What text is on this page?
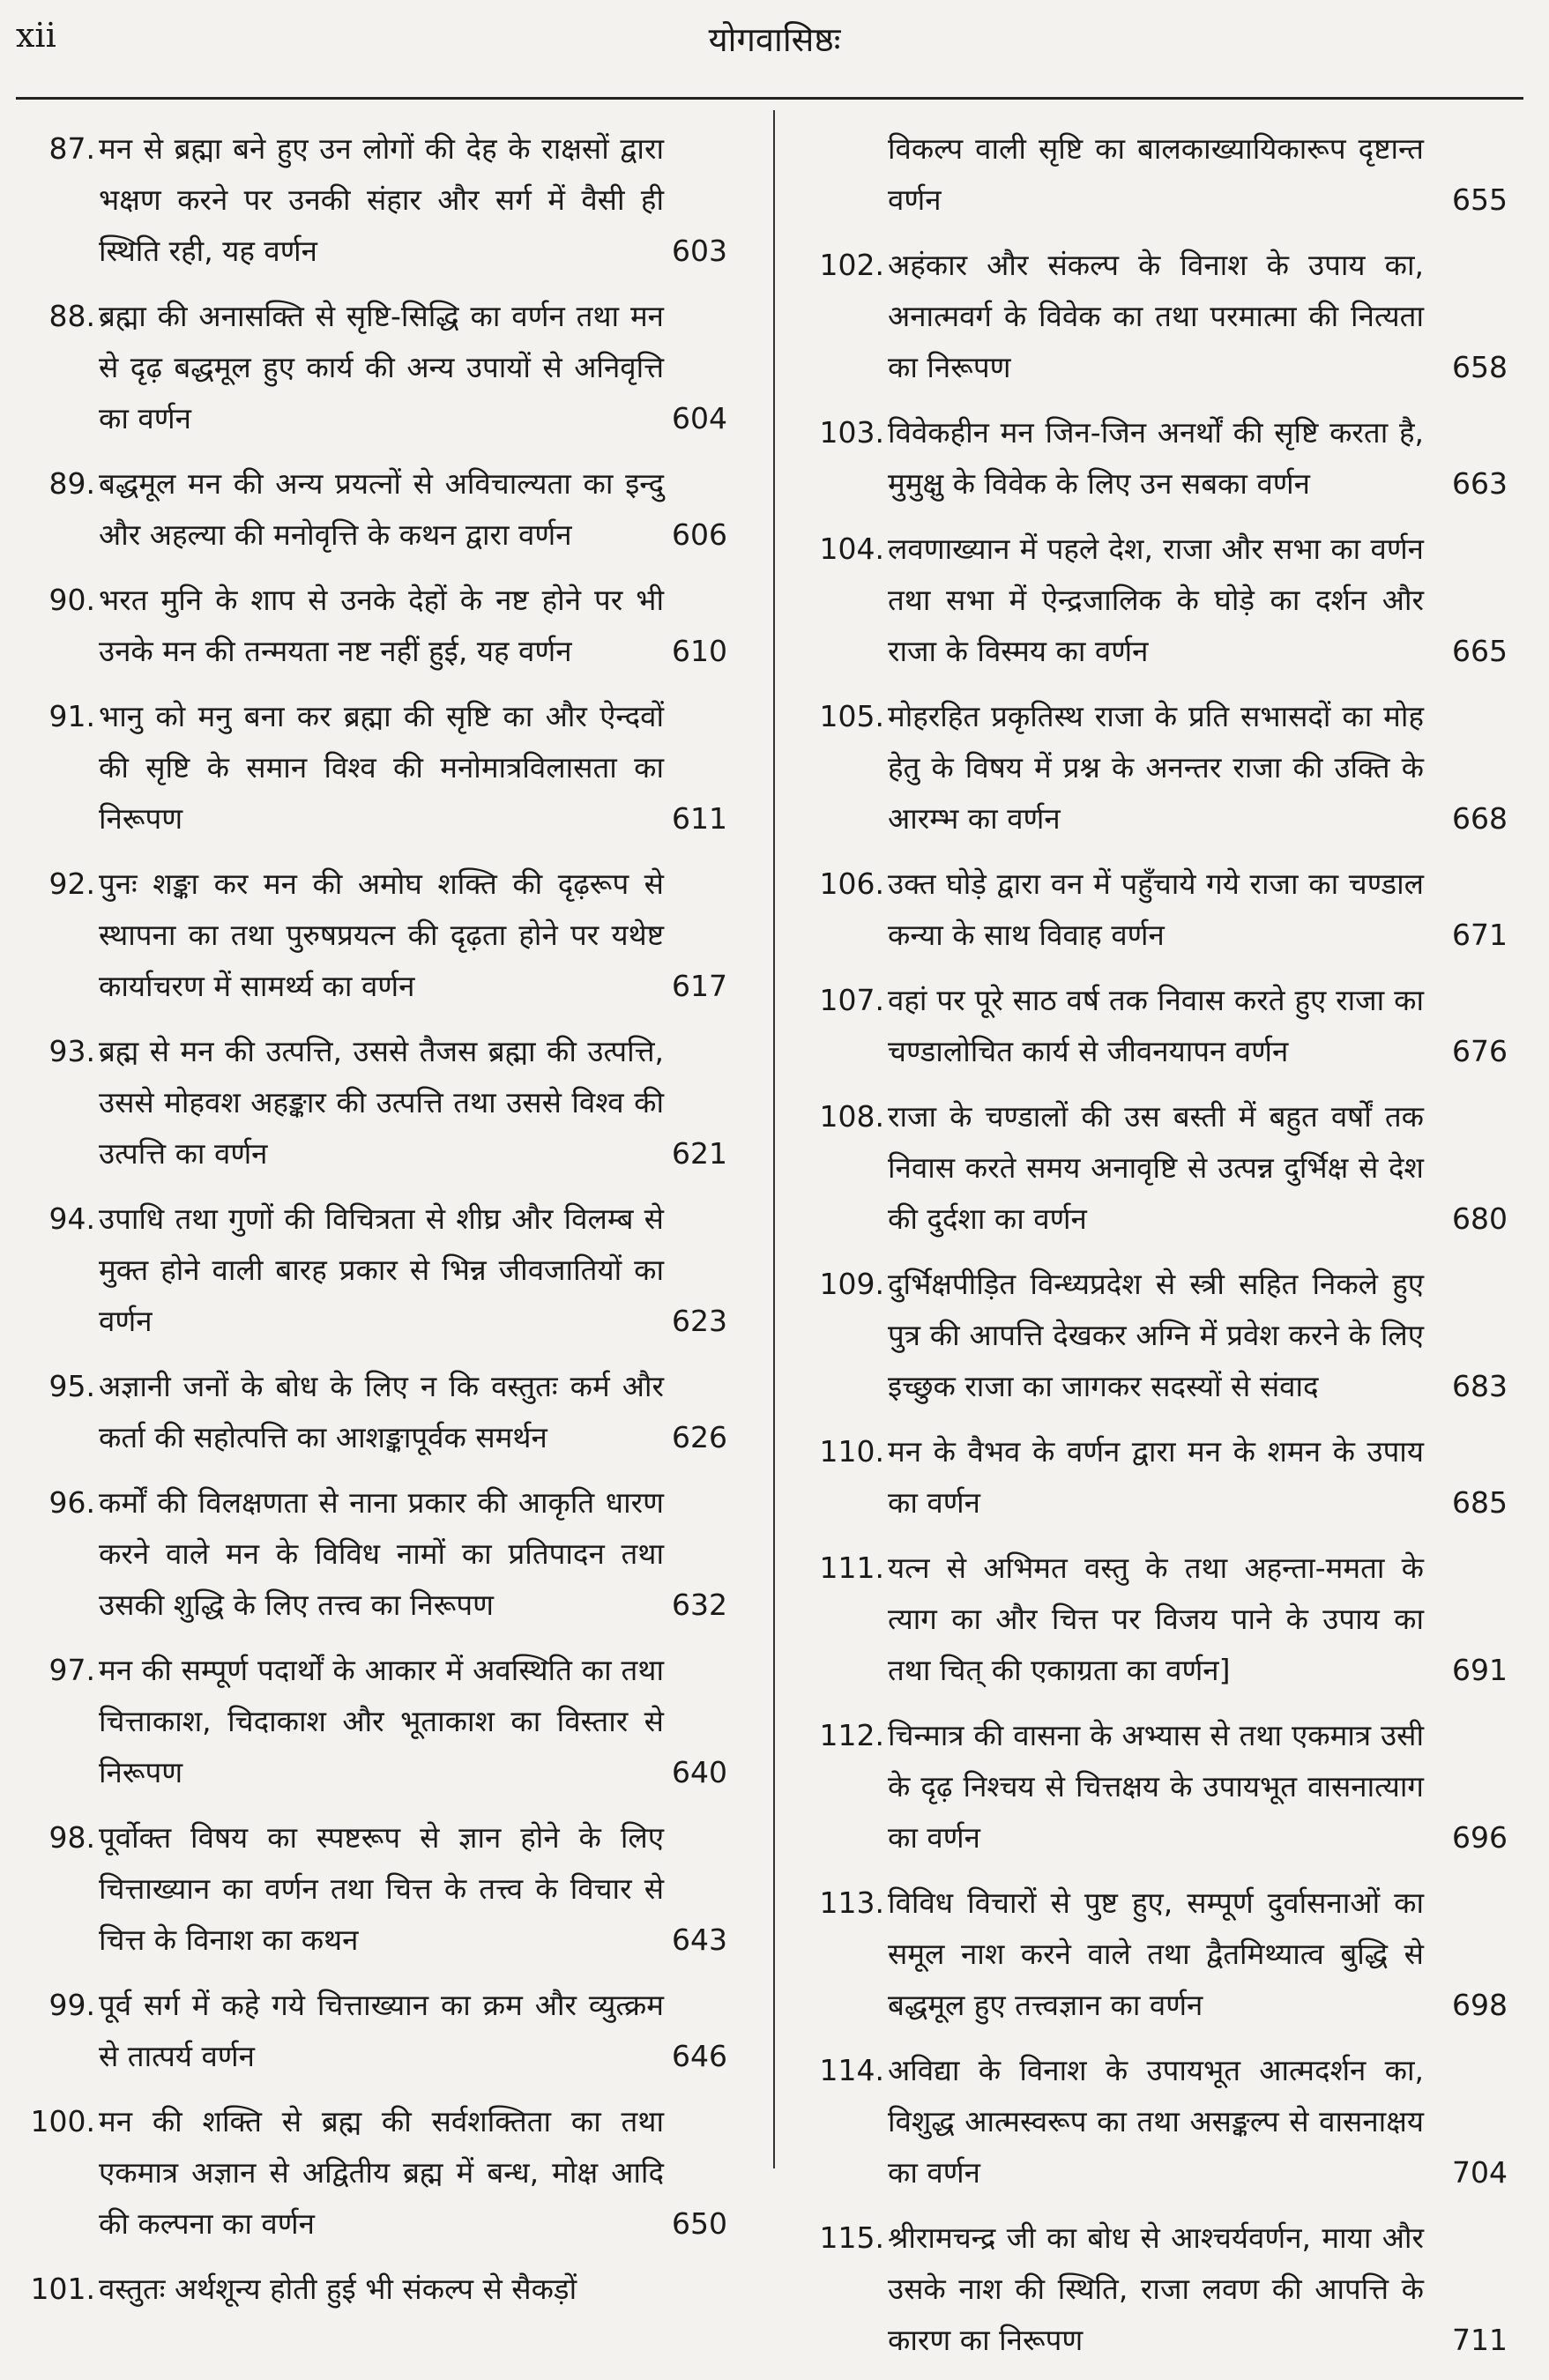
xii	योगवासिष्ठः
87. मन से ब्रह्मा बने हुए उन लोगों की देह के राक्षसों द्वारा भक्षण करने पर उनकी संहार और सर्ग में वैसी ही स्थिति रही, यह वर्णन	603
88. ब्रह्मा की अनासक्ति से सृष्टि-सिद्धि का वर्णन तथा मन से दृढ़ बद्धमूल हुए कार्य की अन्य उपायों से अनिवृत्ति का वर्णन	604
89. बद्धमूल मन की अन्य प्रयत्नों से अविचाल्यता का इन्दु और अहल्या की मनोवृत्ति के कथन द्वारा वर्णन	606
90. भरत मुनि के शाप से उनके देहों के नष्ट होने पर भी उनके मन की तन्मयता नष्ट नहीं हुई, यह वर्णन	610
91. भानु को मनु बना कर ब्रह्मा की सृष्टि का और ऐन्दवों की सृष्टि के समान विश्व की मनोमात्रविलासता का निरूपण	611
92. पुनः शङ्का कर मन की अमोघ शक्ति की दृढ़रूप से स्थापना का तथा पुरुषप्रयत्न की दृढ़ता होने पर यथेष्ट कार्याचरण में सामर्थ्य का वर्णन	617
93. ब्रह्म से मन की उत्पत्ति, उससे तैजस ब्रह्मा की उत्पत्ति, उससे मोहवश अहङ्कार की उत्पत्ति तथा उससे विश्व की उत्पत्ति का वर्णन	621
94. उपाधि तथा गुणों की विचित्रता से शीघ्र और विलम्ब से मुक्त होने वाली बारह प्रकार से भिन्न जीवजातियों का वर्णन	623
95. अज्ञानी जनों के बोध के लिए न कि वस्तुतः कर्म और कर्ता की सहोत्पत्ति का आशङ्कापूर्वक समर्थन	626
96. कर्मों की विलक्षणता से नाना प्रकार की आकृति धारण करने वाले मन के विविध नामों का प्रतिपादन तथा उसकी शुद्धि के लिए तत्त्व का निरूपण	632
97. मन की सम्पूर्ण पदार्थों के आकार में अवस्थिति का तथा चित्ताकाश, चिदाकाश और भूताकाश का विस्तार से निरूपण	640
98. पूर्वोक्त विषय का स्पष्टरूप से ज्ञान होने के लिए चित्ताख्यान का वर्णन तथा चित्त के तत्त्व के विचार से चित्त के विनाश का कथन	643
99. पूर्व सर्ग में कहे गये चित्ताख्यान का क्रम और व्युत्क्रम से तात्पर्य वर्णन	646
100. मन की शक्ति से ब्रह्म की सर्वशक्तिता का तथा एकमात्र अज्ञान से अद्वितीय ब्रह्म में बन्ध, मोक्ष आदि की कल्पना का वर्णन	650
101. वस्तुतः अर्थशून्य होती हुई भी संकल्प से सैकड़ों
विकल्प वाली सृष्टि का बालकाख्यायिकारूप दृष्टान्त वर्णन	655
102. अहंकार और संकल्प के विनाश के उपाय का, अनात्मवर्ग के विवेक का तथा परमात्मा की नित्यता का निरूपण	658
103. विवेकहीन मन जिन-जिन अनर्थों की सृष्टि करता है, मुमुक्षु के विवेक के लिए उन सबका वर्णन	663
104. लवणाख्यान में पहले देश, राजा और सभा का वर्णन तथा सभा में ऐन्द्रजालिक के घोड़े का दर्शन और राजा के विस्मय का वर्णन	665
105. मोहरहित प्रकृतिस्थ राजा के प्रति सभासदों का मोह हेतु के विषय में प्रश्न के अनन्तर राजा की उक्ति के आरम्भ का वर्णन	668
106. उक्त घोड़े द्वारा वन में पहुँचाये गये राजा का चण्डाल कन्या के साथ विवाह वर्णन	671
107. वहां पर पूरे साठ वर्ष तक निवास करते हुए राजा का चण्डालोचित कार्य से जीवनयापन वर्णन	676
108. राजा के चण्डालों की उस बस्ती में बहुत वर्षों तक निवास करते समय अनावृष्टि से उत्पन्न दुर्भिक्ष से देश की दुर्दशा का वर्णन	680
109. दुर्भिक्षपीड़ित विन्ध्यप्रदेश से स्त्री सहित निकले हुए पुत्र की आपत्ति देखकर अग्नि में प्रवेश करने के लिए इच्छुक राजा का जागकर सदस्यों से संवाद	683
110. मन के वैभव के वर्णन द्वारा मन के शमन के उपाय का वर्णन	685
111. यत्न से अभिमत वस्तु के तथा अहन्ता-ममता के त्याग का और चित्त पर विजय पाने के उपाय का तथा चित् की एकाग्रता का वर्णन]	691
112. चिन्मात्र की वासना के अभ्यास से तथा एकमात्र उसी के दृढ़ निश्चय से चित्तक्षय के उपायभूत वासनात्याग का वर्णन	696
113. विविध विचारों से पुष्ट हुए, सम्पूर्ण दुर्वासनाओं का समूल नाश करने वाले तथा द्वैतमिथ्यात्व बुद्धि से बद्धमूल हुए तत्त्वज्ञान का वर्णन	698
114. अविद्या के विनाश के उपायभूत आत्मदर्शन का, विशुद्ध आत्मस्वरूप का तथा असङ्कल्प से वासनाक्षय का वर्णन	704
115. श्रीरामचन्द्र जी का बोध से आश्चर्यवर्णन, माया और उसके नाश की स्थिति, राजा लवण की आपत्ति के कारण का निरूपण	711
